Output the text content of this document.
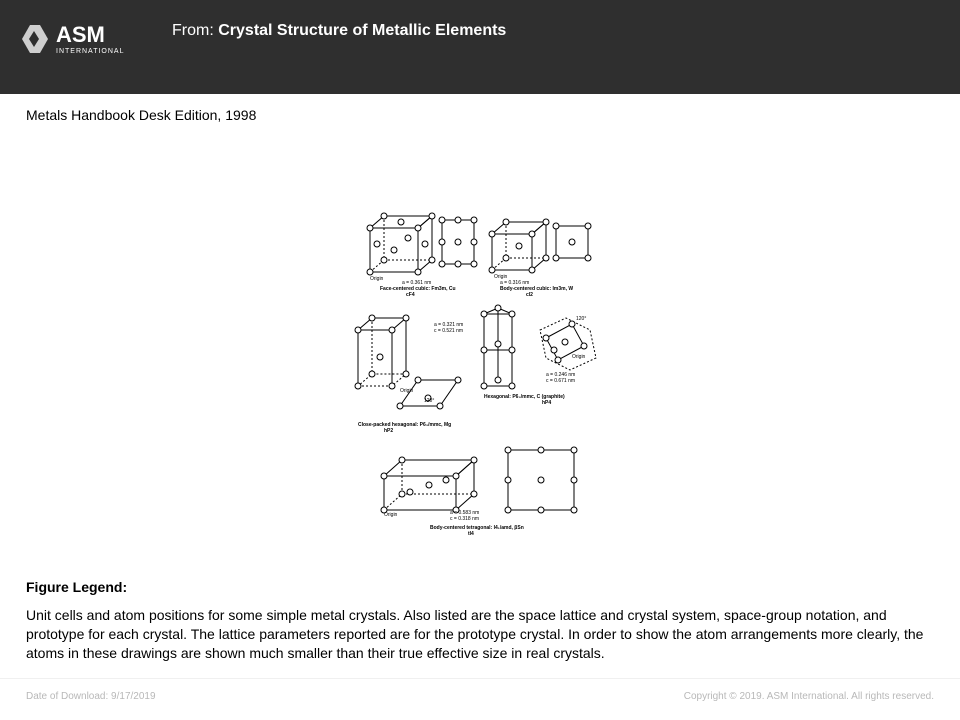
ASM
INTERNATIONAL
From: Crystal Structure of Metallic Elements
Metals Handbook Desk Edition, 1998
Origin
a = 0.361 nm
Face-centered cubic: Fm3m, Cu
cF4
Origin
a = 0.316 nm
Body-centered cubic: Im3m, W
cI2
a = 0.321 nm
c = 0.521 nm
Origin
120°
Close-packed hexagonal: P6₃/mmc, Mg
hP2
120°
Origin
a = 0.246 nm
c = 0.671 nm
Hexagonal: P6₃/mmc, C (graphite)
hP4
Origin	a = 0.583 nm
c = 0.318 nm
Body-centered tetragonal: I4₁/amd, βSn
tI4
Figure Legend:
Unit cells and atom positions for some simple metal crystals. Also listed are the space lattice and crystal system, space-group notation, and prototype for each crystal. The lattice parameters reported are for the prototype crystal. In order to show the atom arrangements more clearly, the atoms in these drawings are shown much smaller than their true effective size in real crystals.
Date of Download: 9/17/2019	Copyright © 2019. ASM International. All rights reserved.
